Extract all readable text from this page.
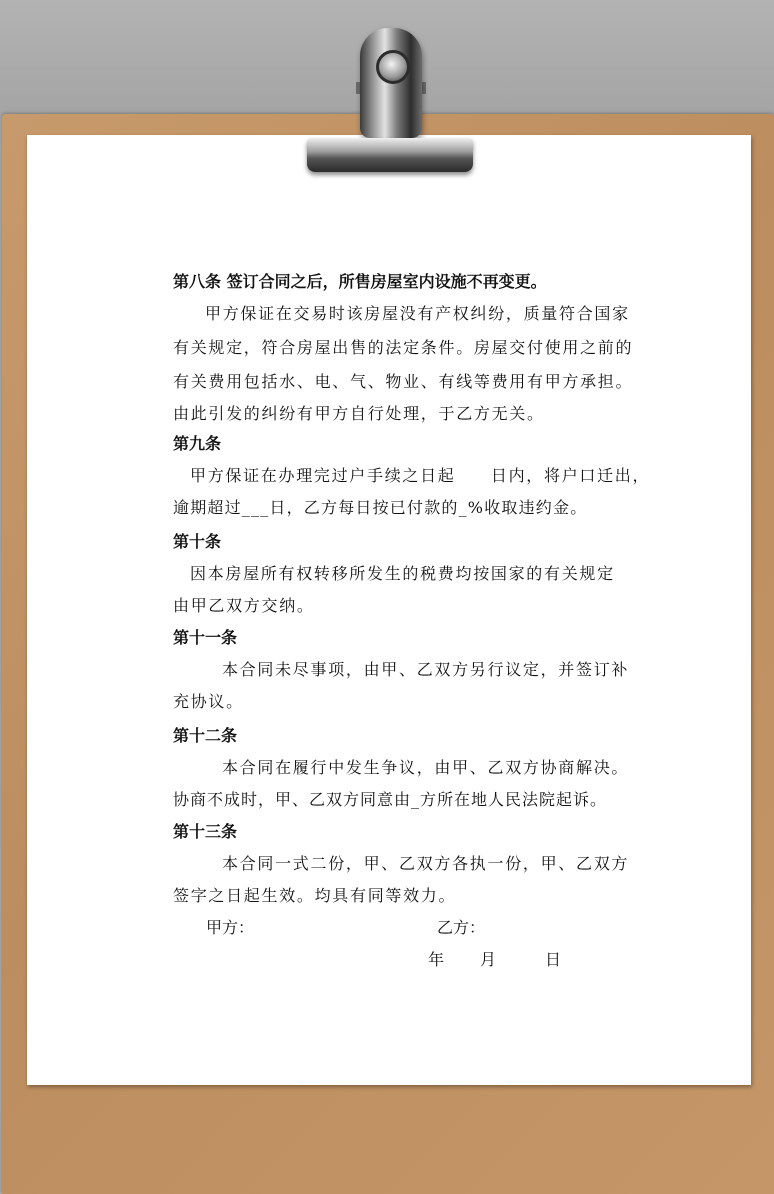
第八条 签订合同之后，所售房屋室内设施不再变更。
甲方保证在交易时该房屋没有产权纠纷，质量符合国家
有关规定，符合房屋出售的法定条件。房屋交付使用之前的
有关费用包括水、电、气、物业、有线等费用有甲方承担。
由此引发的纠纷有甲方自行处理，于乙方无关。
第九条
甲方保证在办理完过户手续之日起　　日内，将户口迁出，
逾期超过___日，乙方每日按已付款的_%收取违约金。
第十条
因本房屋所有权转移所发生的税费均按国家的有关规定
由甲乙双方交纳。
第十一条
本合同未尽事项，由甲、乙双方另行议定，并签订补
充协议。
第十二条
本合同在履行中发生争议，由甲、乙双方协商解决。
协商不成时，甲、乙双方同意由_方所在地人民法院起诉。
第十三条
本合同一式二份，甲、乙双方各执一份，甲、乙双方
签字之日起生效。均具有同等效力。
甲方：	乙方：
年 月	日
